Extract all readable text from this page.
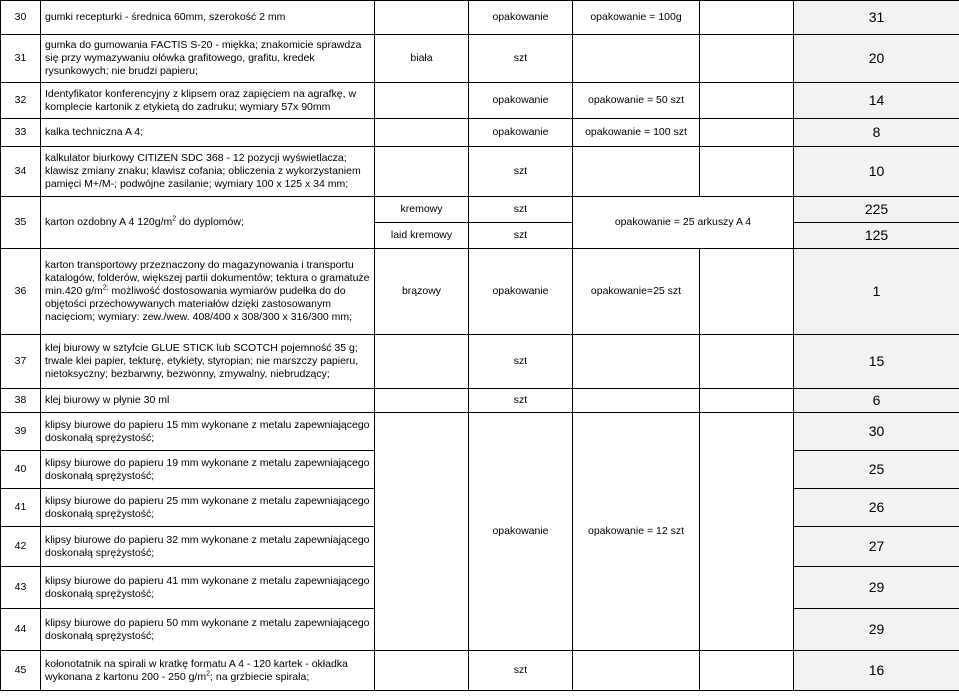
30	gumki recepturki - średnica 60mm, szerokość 2 mm		opakowanie	opakowanie = 100g		31
31	gumka do gumowania FACTIS S-20 - miękka; znakomicie sprawdza się przy wymazywaniu ołówka grafitowego, grafitu, kredek rysunkowych; nie brudzi papieru;	biała	szt			20
32	Identyfikator konferencyjny z klipsem oraz zapięciem na agrafkę, w komplecie kartonik z etykietą do zadruku; wymiary 57x 90mm		opakowanie	opakowanie = 50 szt		14
33	kalka techniczna A 4;		opakowanie	opakowanie = 100 szt		8
34	kalkulator biurkowy CITIZEN SDC 368 - 12 pozycji wyświetlacza; klawisz zmiany znaku; klawisz cofania; obliczenia z wykorzystaniem pamięci M+/M-; podwójne zasilanie; wymiary 100 x 125 x 34 mm;		szt			10
35	karton ozdobny A 4 $120g/m^2$ do dyplomów;	kremowy	szt	opakowanie = 25 arkuszy A 4		225
		laid kremowy	szt			125
36	karton transportowy przeznaczony do magazynowania i transportu katalogów, folderów, większej partii dokumentów; tektura o gramatuże min.420 $g/m^{2;}$ możliwość dostosowania wymiarów pudełka do do objętości przechowywanych materiałów dzięki zastosowanym nacięciom; wymiary: zew./wew. 408/400 x 308/300 x 316/300 mm;	brązowy	opakowanie	opakowanie=25 szt		1
37	klej biurowy w sztyfcie GLUE STICK lub SCOTCH pojemność 35 g; trwale klei papier, tekturę, etykiety, styropian; nie marszczy papieru, nietoksyczny; bezbarwny, bezwonny, zmywalny, niebrudzący;		szt			15
38	klej biurowy w płynie 30 ml		szt			6
39	klipsy biurowe do papieru 15 mm wykonane z metalu zapewniającego doskonałą sprężystość;		opakowanie	opakowanie = 12 szt		30
40	klipsy biurowe do papieru 19 mm wykonane z metalu zapewniającego doskonałą sprężystość;					25
41	klipsy biurowe do papieru 25 mm wykonane z metalu zapewniającego doskonałą sprężystość;					26
42	klipsy biurowe do papieru 32 mm wykonane z metalu zapewniającego doskonałą sprężystość;					27
43	klipsy biurowe do papieru 41 mm wykonane z metalu zapewniającego doskonałą sprężystość;					29
44	klipsy biurowe do papieru 50 mm wykonane z metalu zapewniającego doskonałą sprężystość;					29
45	kołonotatnik na spirali w kratkę formatu A 4 - 120 kartek - okładka wykonana z kartonu 200 - 250 $g/m^2$; na grzbiecie spirala;		szt			16
